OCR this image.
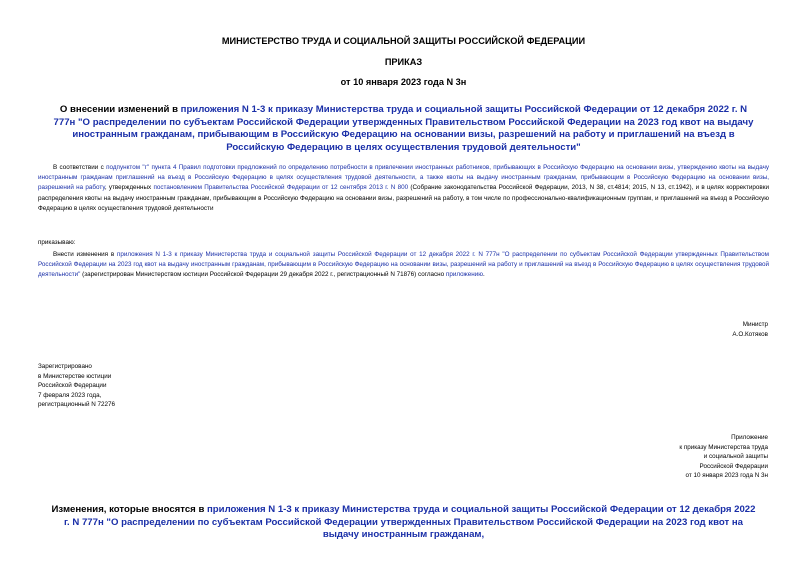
МИНИСТЕРСТВО ТРУДА И СОЦИАЛЬНОЙ ЗАЩИТЫ РОССИЙСКОЙ ФЕДЕРАЦИИ
ПРИКАЗ
от 10 января 2023 года N 3н
О внесении изменений в приложения N 1-3 к приказу Министерства труда и социальной защиты Российской Федерации от 12 декабря 2022 г. N 777н "О распределении по субъектам Российской Федерации утвержденных Правительством Российской Федерации на 2023 год квот на выдачу иностранным гражданам, прибывающим в Российскую Федерацию на основании визы, разрешений на работу и приглашений на въезд в Российскую Федерацию в целях осуществления трудовой деятельности"
В соответствии с подпунктом "г" пункта 4 Правил подготовки предложений по определению потребности в привлечении иностранных работников, прибывающих в Российскую Федерацию на основании визы, утверждению квоты на выдачу иностранным гражданам приглашений на въезд в Российскую Федерацию в целях осуществления трудовой деятельности, а также квоты на выдачу иностранным гражданам, прибывающим в Российскую Федерацию на основании визы, разрешений на работу, утвержденных постановлением Правительства Российской Федерации от 12 сентября 2013 г. N 800 (Собрание законодательства Российской Федерации, 2013, N 38, ст.4814; 2015, N 13, ст.1942), и в целях корректировки распределения квоты на выдачу иностранным гражданам, прибывающим в Российскую Федерацию на основании визы, разрешений на работу, в том числе по профессионально-квалификационным группам, и приглашений на въезд в Российскую Федерацию в целях осуществления трудовой деятельности
приказываю:
Внести изменения в приложения N 1-3 к приказу Министерства труда и социальной защиты Российской Федерации от 12 декабря 2022 г. N 777н "О распределении по субъектам Российской Федерации утвержденных Правительством Российской Федерации на 2023 год квот на выдачу иностранным гражданам, прибывающим в Российскую Федерацию на основании визы, разрешений на работу и приглашений на въезд в Российскую Федерацию в целях осуществления трудовой деятельности" (зарегистрирован Министерством юстиции Российской Федерации 29 декабря 2022 г., регистрационный N 71876) согласно приложению.
Министр
А.О.Котяков
Зарегистрировано
в Министерстве юстиции
Российской Федерации
7 февраля 2023 года,
регистрационный N 72276
Приложение
к приказу Министерства труда
и социальной защиты
Российской Федерации
от 10 января 2023 года N 3н
Изменения, которые вносятся в приложения N 1-3 к приказу Министерства труда и социальной защиты Российской Федерации от 12 декабря 2022 г. N 777н "О распределении по субъектам Российской Федерации утвержденных Правительством Российской Федерации на 2023 год квот на выдачу иностранным гражданам,
